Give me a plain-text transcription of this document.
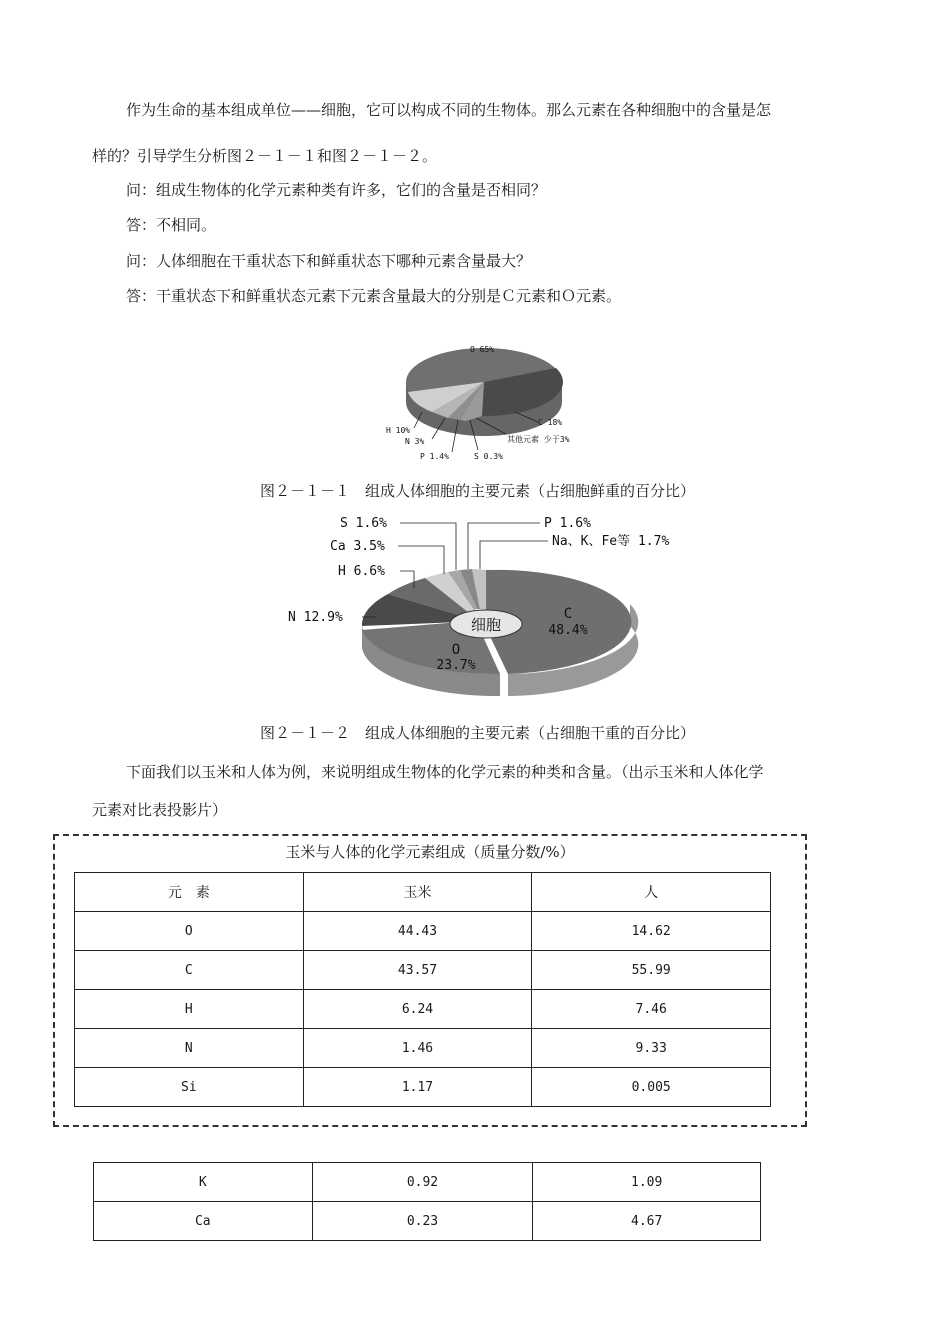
作为生命的基本组成单位——细胞，它可以构成不同的生物体。那么元素在各种细胞中的含量是怎
样的？引导学生分析图２－１－１和图２－１－２。
问：组成生物体的化学元素种类有许多，它们的含量是否相同？
答：不相同。
问：人体细胞在干重状态下和鲜重状态下哪种元素含量最大？
答：干重状态下和鲜重状态元素下元素含量最大的分别是Ｃ元素和Ｏ元素。
O 65%
C 18%
H 10%
N 3%
P 1.4%	S 0.3%
其他元素 少于3%
图２－１－１　组成人体细胞的主要元素（占细胞鲜重的百分比）
细胞
C
48.4%
O
23.7%
N 12.9%
H 6.6%
Ca 3.5%
S 1.6%	P 1.6%
Na、K、Fe等 1.7%
图２－１－２　组成人体细胞的主要元素（占细胞干重的百分比）
下面我们以玉米和人体为例，来说明组成生物体的化学元素的种类和含量。（出示玉米和人体化学
元素对比表投影片）
玉米与人体的化学元素组成（质量分数/%）
元　素	玉米	人
O	44.43	14.62
C	43.57	55.99
H	6.24	7.46
N	1.46	9.33
Si	1.17	0.005
K	0.92	1.09
Ca	0.23	4.67
